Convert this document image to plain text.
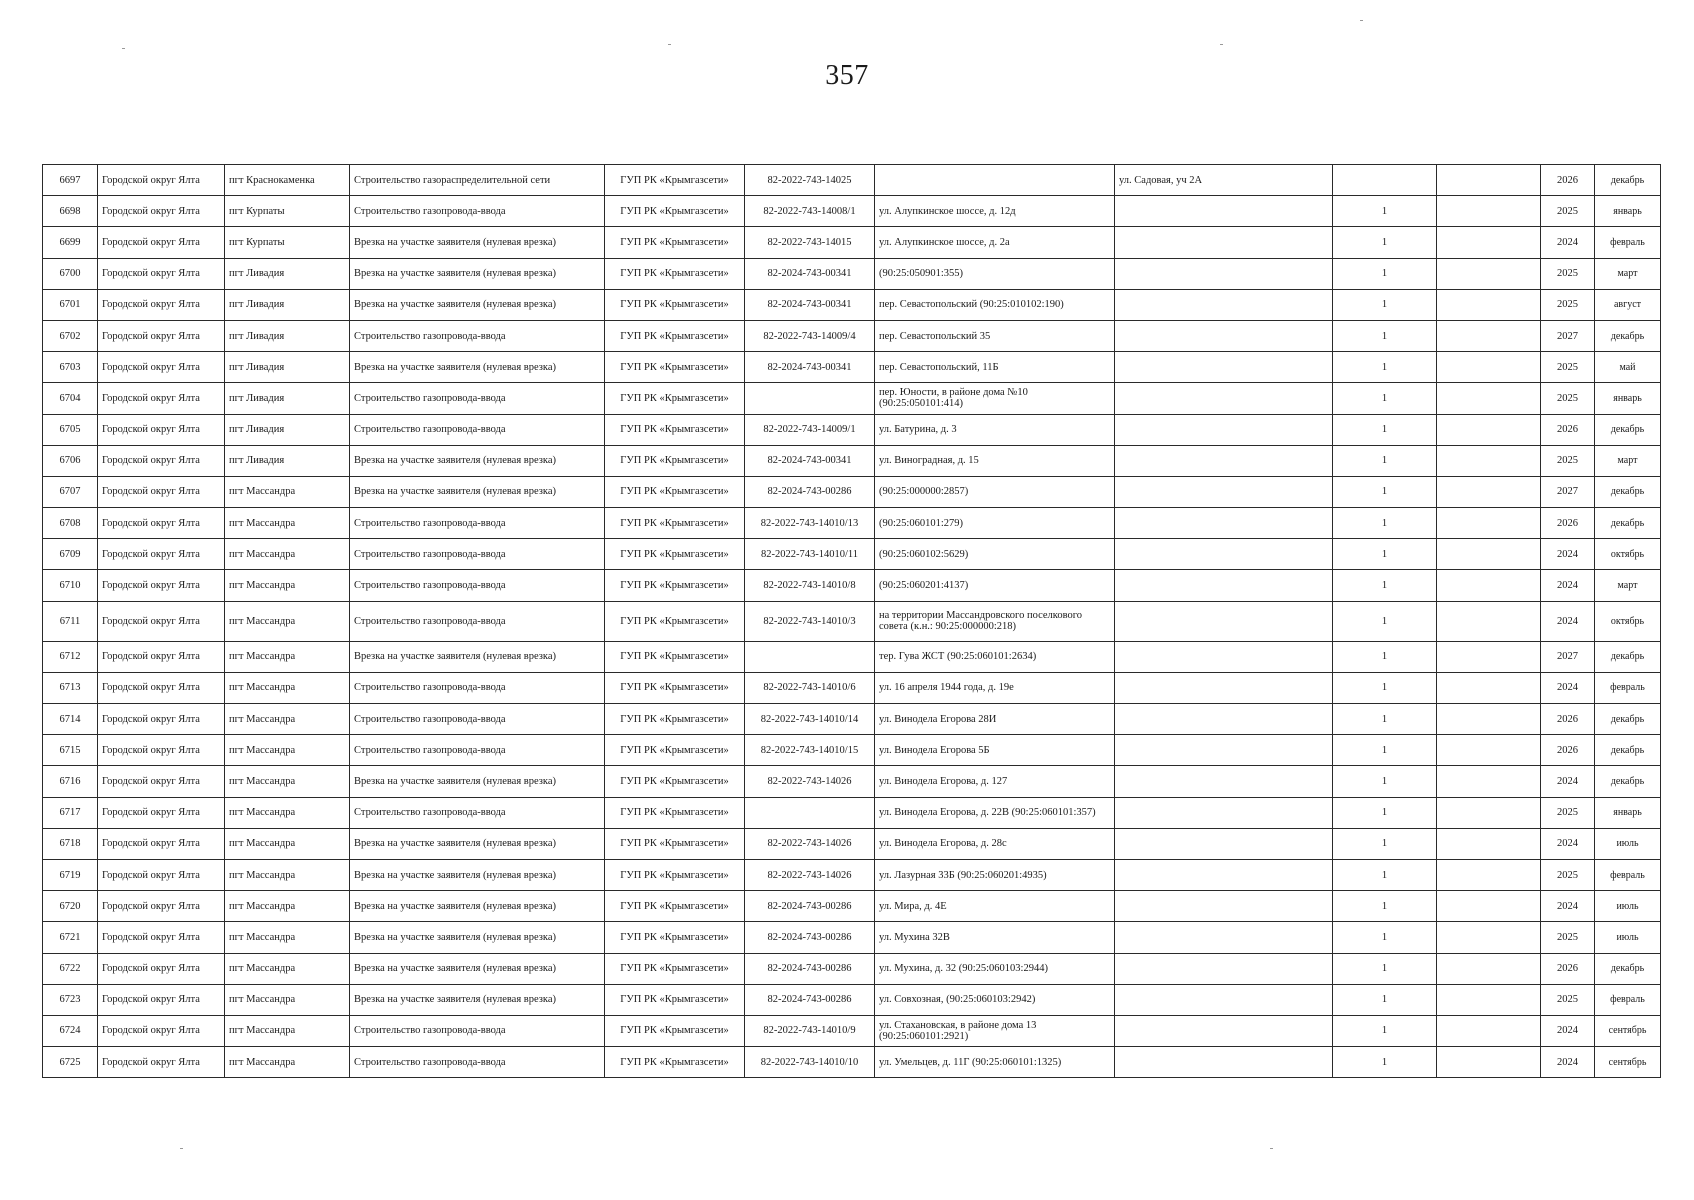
357
6697	Городской округ Ялта	пгт Краснокаменка	Строительство газораспределительной сети	ГУП РК «Крымгазсети»	82-2022-743-14025		ул. Садовая, уч 2А			2026	декабрь
6698	Городской округ Ялта	пгт Курпаты	Строительство газопровода-ввода	ГУП РК «Крымгазсети»	82-2022-743-14008/1	ул. Алупкинское шоссе, д. 12д		1		2025	январь
6699	Городской округ Ялта	пгт Курпаты	Врезка на участке заявителя (нулевая врезка)	ГУП РК «Крымгазсети»	82-2022-743-14015	ул. Алупкинское шоссе, д. 2а		1		2024	февраль
6700	Городской округ Ялта	пгт Ливадия	Врезка на участке заявителя (нулевая врезка)	ГУП РК «Крымгазсети»	82-2024-743-00341	(90:25:050901:355)		1		2025	март
6701	Городской округ Ялта	пгт Ливадия	Врезка на участке заявителя (нулевая врезка)	ГУП РК «Крымгазсети»	82-2024-743-00341	пер. Севастопольский (90:25:010102:190)		1		2025	август
6702	Городской округ Ялта	пгт Ливадия	Строительство газопровода-ввода	ГУП РК «Крымгазсети»	82-2022-743-14009/4	пер. Севастопольский 35		1		2027	декабрь
6703	Городской округ Ялта	пгт Ливадия	Врезка на участке заявителя (нулевая врезка)	ГУП РК «Крымгазсети»	82-2024-743-00341	пер. Севастопольский, 11Б		1		2025	май
6704	Городской округ Ялта	пгт Ливадия	Строительство газопровода-ввода	ГУП РК «Крымгазсети»		пер. Юности, в районе дома №10 (90:25:050101:414)		1		2025	январь
6705	Городской округ Ялта	пгт Ливадия	Строительство газопровода-ввода	ГУП РК «Крымгазсети»	82-2022-743-14009/1	ул. Батурина, д. 3		1		2026	декабрь
6706	Городской округ Ялта	пгт Ливадия	Врезка на участке заявителя (нулевая врезка)	ГУП РК «Крымгазсети»	82-2024-743-00341	ул. Виноградная, д. 15		1		2025	март
6707	Городской округ Ялта	пгт Массандра	Врезка на участке заявителя (нулевая врезка)	ГУП РК «Крымгазсети»	82-2024-743-00286	(90:25:000000:2857)		1		2027	декабрь
6708	Городской округ Ялта	пгт Массандра	Строительство газопровода-ввода	ГУП РК «Крымгазсети»	82-2022-743-14010/13	(90:25:060101:279)		1		2026	декабрь
6709	Городской округ Ялта	пгт Массандра	Строительство газопровода-ввода	ГУП РК «Крымгазсети»	82-2022-743-14010/11	(90:25:060102:5629)		1		2024	октябрь
6710	Городской округ Ялта	пгт Массандра	Строительство газопровода-ввода	ГУП РК «Крымгазсети»	82-2022-743-14010/8	(90:25:060201:4137)		1		2024	март
6711	Городской округ Ялта	пгт Массандра	Строительство газопровода-ввода	ГУП РК «Крымгазсети»	82-2022-743-14010/3	на территории Массандровского поселкового совета (к.н.: 90:25:000000:218)		1		2024	октябрь
6712	Городской округ Ялта	пгт Массандра	Врезка на участке заявителя (нулевая врезка)	ГУП РК «Крымгазсети»		тер. Гува ЖСТ (90:25:060101:2634)		1		2027	декабрь
6713	Городской округ Ялта	пгт Массандра	Строительство газопровода-ввода	ГУП РК «Крымгазсети»	82-2022-743-14010/6	ул. 16 апреля 1944 года, д. 19е		1		2024	февраль
6714	Городской округ Ялта	пгт Массандра	Строительство газопровода-ввода	ГУП РК «Крымгазсети»	82-2022-743-14010/14	ул. Винодела Егорова 28И		1		2026	декабрь
6715	Городской округ Ялта	пгт Массандра	Строительство газопровода-ввода	ГУП РК «Крымгазсети»	82-2022-743-14010/15	ул. Винодела Егорова 5Б		1		2026	декабрь
6716	Городской округ Ялта	пгт Массандра	Врезка на участке заявителя (нулевая врезка)	ГУП РК «Крымгазсети»	82-2022-743-14026	ул. Винодела Егорова, д. 127		1		2024	декабрь
6717	Городской округ Ялта	пгт Массандра	Строительство газопровода-ввода	ГУП РК «Крымгазсети»		ул. Винодела Егорова, д. 22В (90:25:060101:357)		1		2025	январь
6718	Городской округ Ялта	пгт Массандра	Врезка на участке заявителя (нулевая врезка)	ГУП РК «Крымгазсети»	82-2022-743-14026	ул. Винодела Егорова, д. 28с		1		2024	июль
6719	Городской округ Ялта	пгт Массандра	Врезка на участке заявителя (нулевая врезка)	ГУП РК «Крымгазсети»	82-2022-743-14026	ул. Лазурная 33Б (90:25:060201:4935)		1		2025	февраль
6720	Городской округ Ялта	пгт Массандра	Врезка на участке заявителя (нулевая врезка)	ГУП РК «Крымгазсети»	82-2024-743-00286	ул. Мира, д. 4Е		1		2024	июль
6721	Городской округ Ялта	пгт Массандра	Врезка на участке заявителя (нулевая врезка)	ГУП РК «Крымгазсети»	82-2024-743-00286	ул. Мухина 32В		1		2025	июль
6722	Городской округ Ялта	пгт Массандра	Врезка на участке заявителя (нулевая врезка)	ГУП РК «Крымгазсети»	82-2024-743-00286	ул. Мухина, д. 32 (90:25:060103:2944)		1		2026	декабрь
6723	Городской округ Ялта	пгт Массандра	Врезка на участке заявителя (нулевая врезка)	ГУП РК «Крымгазсети»	82-2024-743-00286	ул. Совхозная, (90:25:060103:2942)		1		2025	февраль
6724	Городской округ Ялта	пгт Массандра	Строительство газопровода-ввода	ГУП РК «Крымгазсети»	82-2022-743-14010/9	ул. Стахановская, в районе дома 13 (90:25:060101:2921)		1		2024	сентябрь
6725	Городской округ Ялта	пгт Массандра	Строительство газопровода-ввода	ГУП РК «Крымгазсети»	82-2022-743-14010/10	ул. Умельцев, д. 11Г (90:25:060101:1325)		1		2024	сентябрь
